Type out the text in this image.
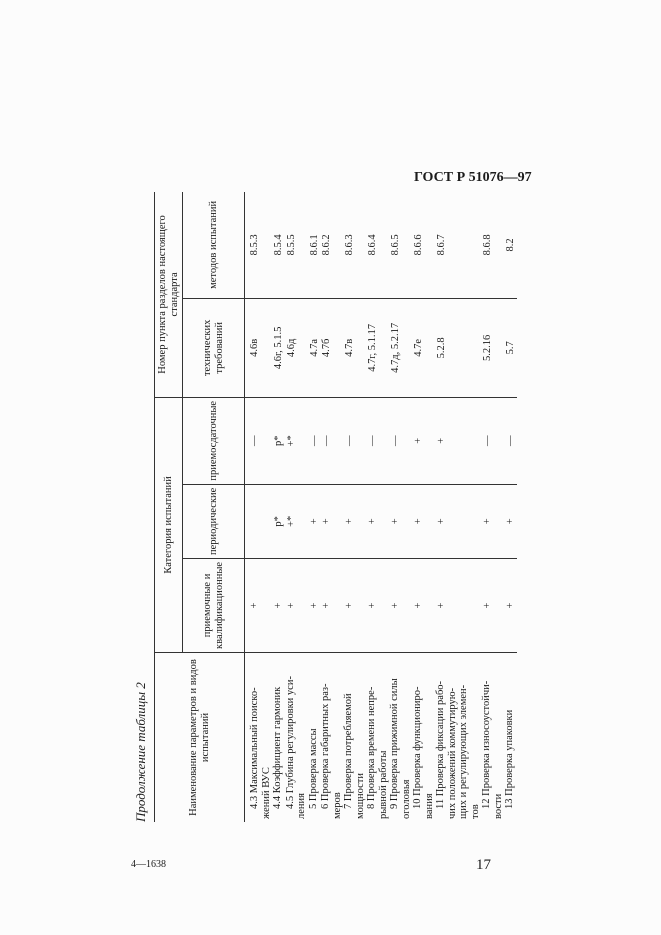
ГОСТ Р 51076—97
Продолжение таблицы 2	Наименование параметров и видов испытаний	Категория испытаний			Номер пункта разделов настоящего стандарта	
	приемочные и квалификационные	периодические	приемосдаточные	технических требований	методов испытаний

4.3 Максимальный поиско- жений ВУС	+		—	4.6в	8.5.3

4.4 Коэффициент гармоник	+	р*	р*	4.6г, 5.1.5	8.5.4

4.5 Глубина регулировки уси- ления	+	+*	+*	4.6д	8.5.5

5 Проверка массы	+	+	—	4.7а	8.6.1

6 Проверка габаритных раз- меров	+	+	—	4.7б	8.6.2

7 Проверка потребляемой мощности	+	+	—	4.7в	8.6.3

8 Проверка времени непре- рывной работы	+	+	—	4.7г, 5.1.17	8.6.4

9 Проверка прижимной силы оголовья	+	+	—	4.7д, 5.2.17	8.6.5

10 Проверка функциониро- вания	+	+	+	4.7е	8.6.6

11 Проверка фиксации рабо- чих положений коммутирую- щих и регулирующих элемен- тов	+	+	+	5.2.8	8.6.7

12 Проверка износоустойчи- вости	+	+	—	5.2.16	8.6.8

13 Проверка упаковки	+	+	—	5.7	8.2
4—1638	17
